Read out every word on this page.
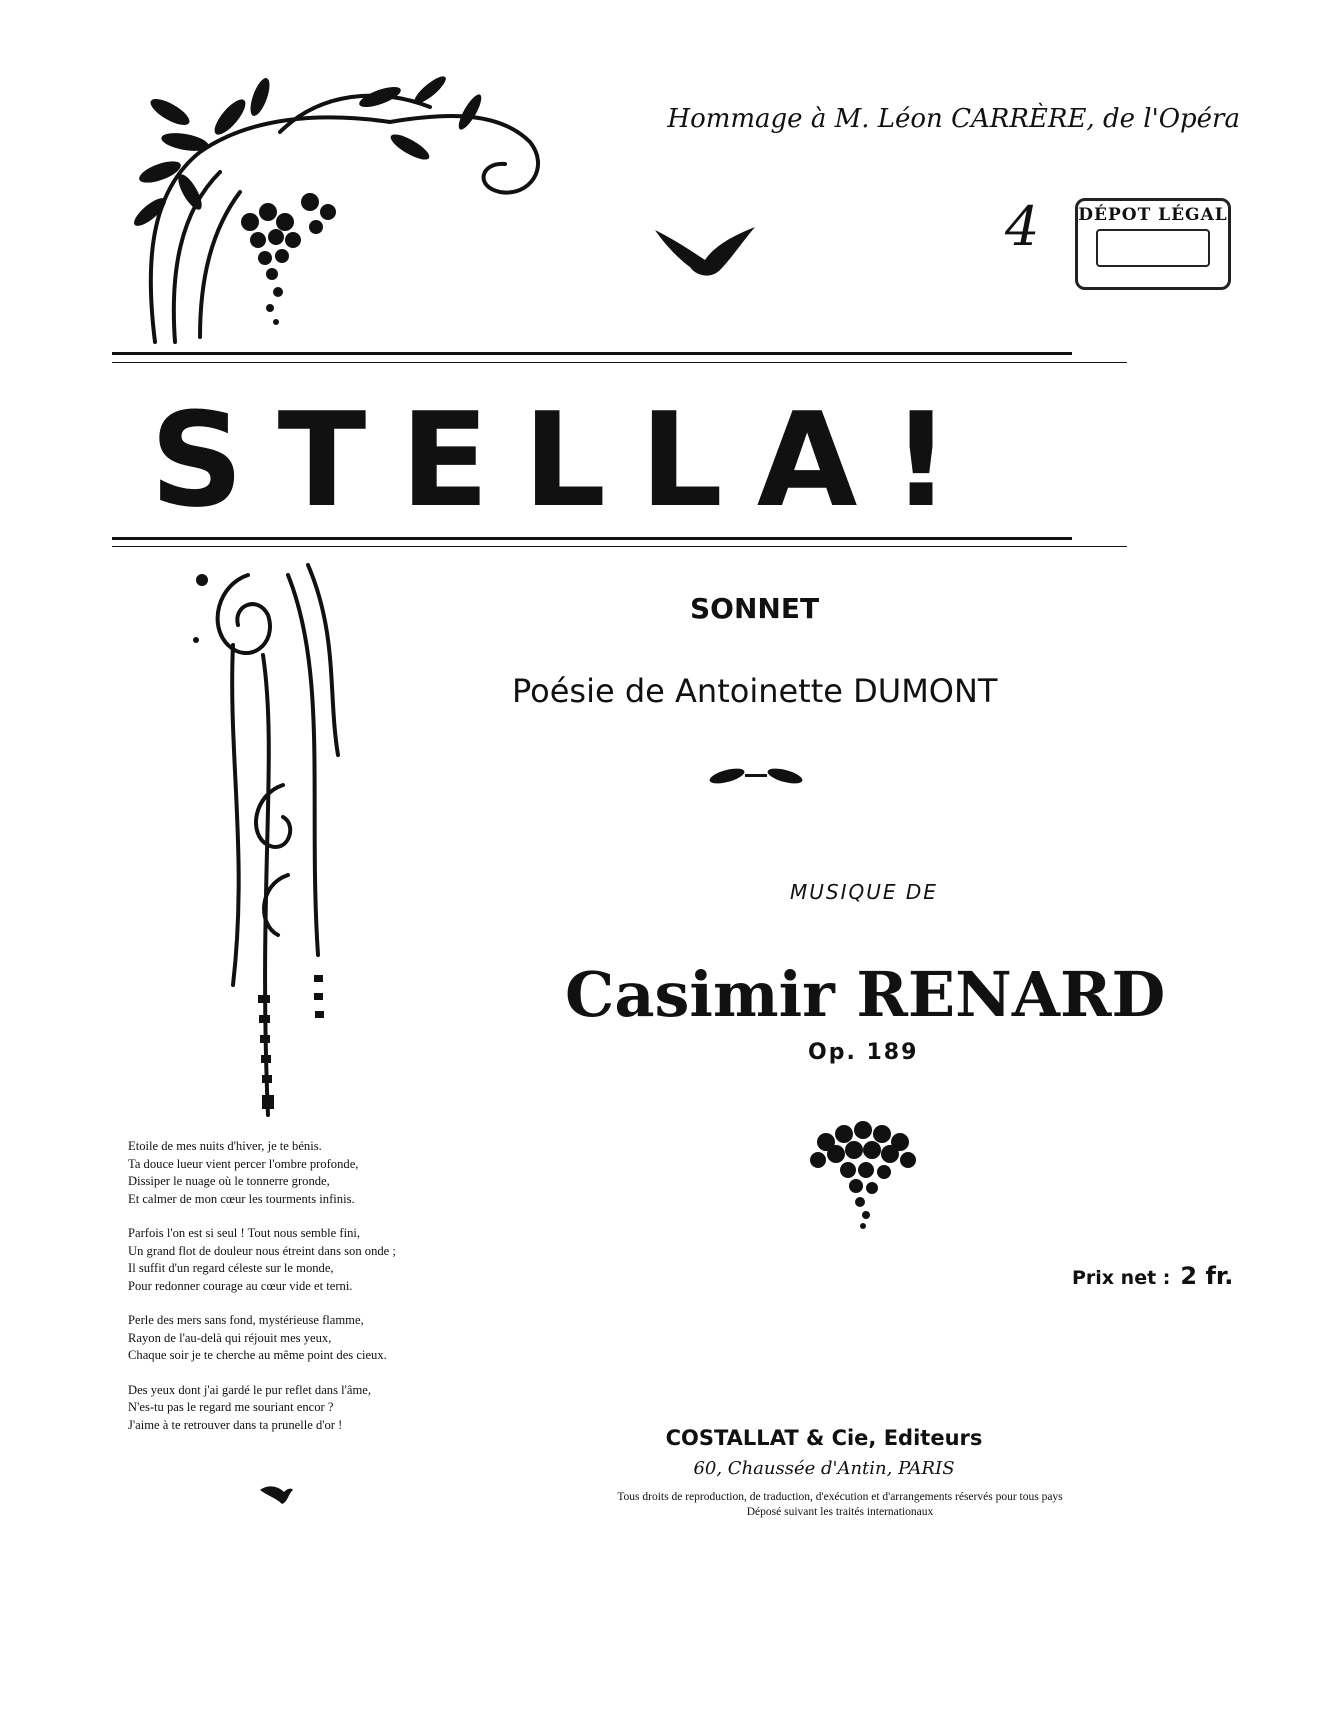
Hommage à M. Léon CARRÈRE, de l'Opéra
4 DÉPOT LÉGAL
STELLA!
SONNET
Poésie de Antoinette DUMONT
MUSIQUE DE
Casimir RENARD
Op. 189
Prix net : 2 fr.
Etoile de mes nuits d'hiver, je te bénis.
Ta douce lueur vient percer l'ombre profonde,
Dissiper le nuage où le tonnerre gronde,
Et calmer de mon cœur les tourments infinis.
Parfois l'on est si seul ! Tout nous semble fini,
Un grand flot de douleur nous étreint dans son onde ;
Il suffit d'un regard céleste sur le monde,
Pour redonner courage au cœur vide et terni.
Perle des mers sans fond, mystérieuse flamme,
Rayon de l'au-delà qui réjouit mes yeux,
Chaque soir je te cherche au même point des cieux.
Des yeux dont j'ai gardé le pur reflet dans l'âme,
N'es-tu pas le regard me souriant encor ?
J'aime à te retrouver dans ta prunelle d'or !
COSTALLAT & Cie, Editeurs
60, Chaussée d'Antin, PARIS
Tous droits de reproduction, de traduction, d'exécution et d'arrangements réservés pour tous pays
Déposé suivant les traités internationaux
